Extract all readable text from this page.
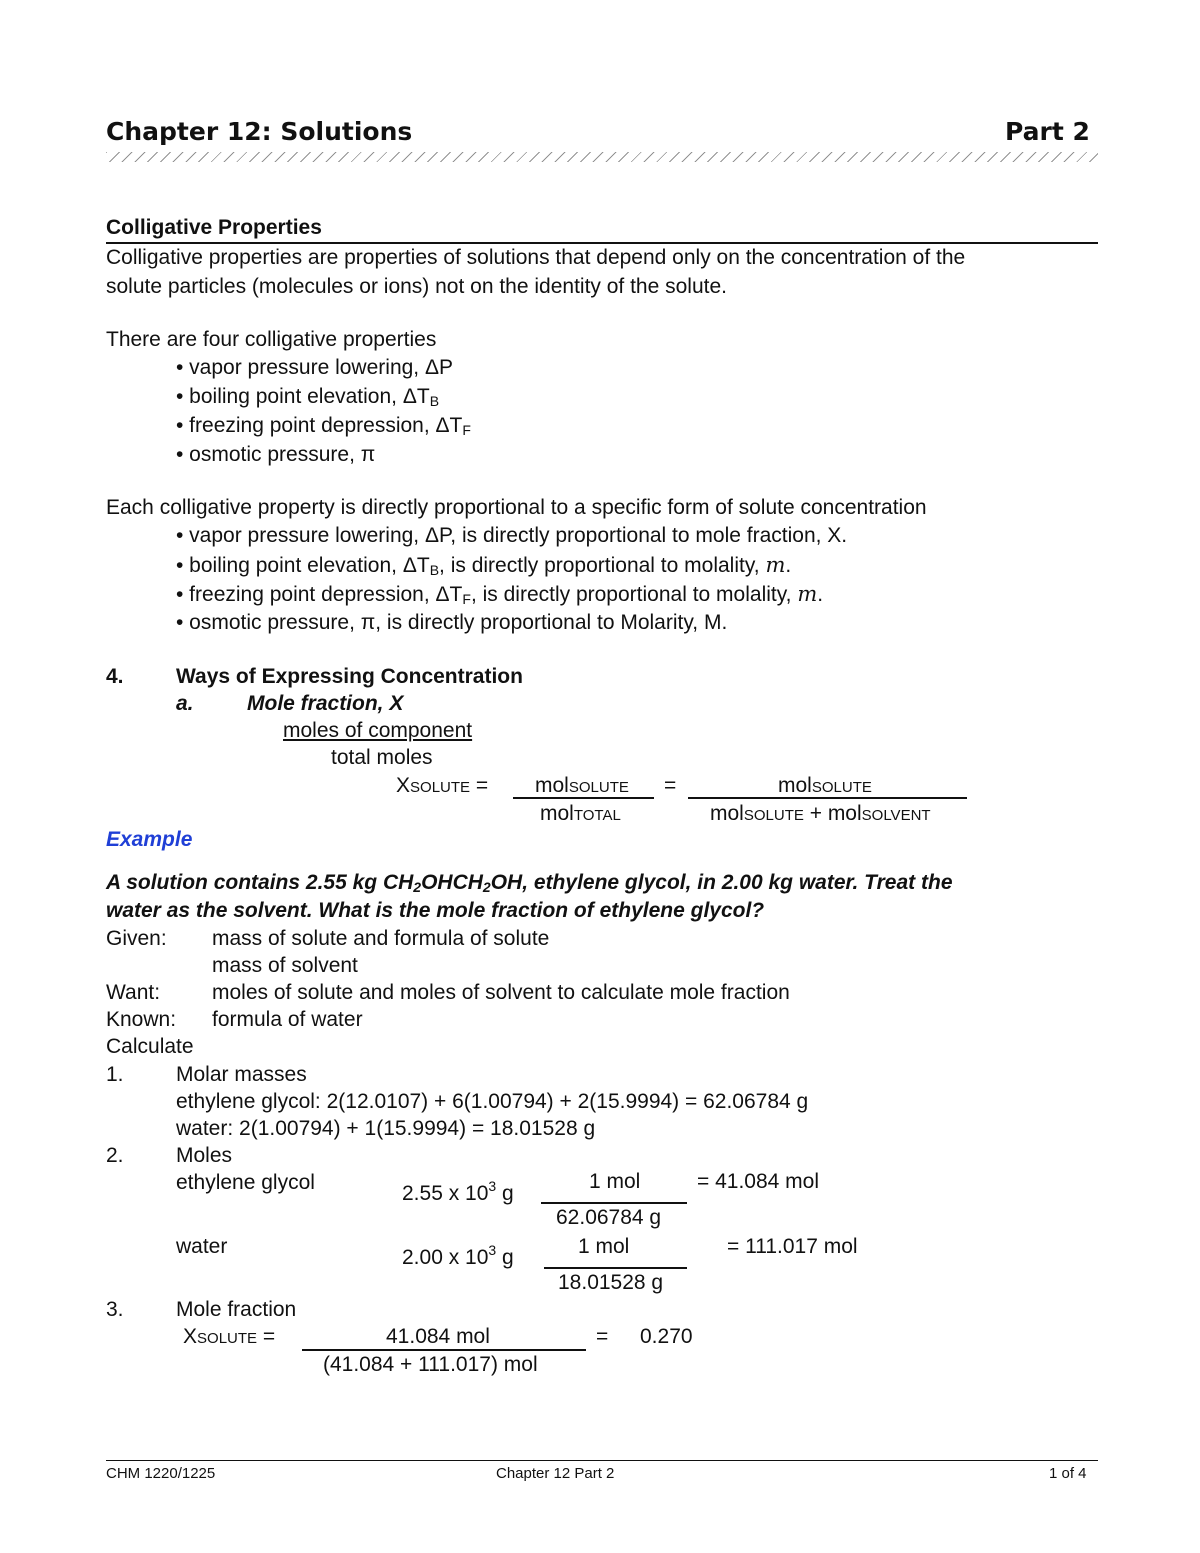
Chapter 12: Solutions	Part 2
Colligative Properties
Colligative properties are properties of solutions that depend only on the concentration of the
solute particles (molecules or ions) not on the identity of the solute.
There are four colligative properties
• vapor pressure lowering, ΔP
• boiling point elevation, $\Delta T_B$
• freezing point depression, $\Delta T_F$
• osmotic pressure, π
Each colligative property is directly proportional to a specific form of solute concentration
• vapor pressure lowering, ΔP, is directly proportional to mole fraction, X.
• boiling point elevation, $\Delta T_B$, is directly proportional to molality, m.
• freezing point depression, $\Delta T_F$, is directly proportional to molality, m.
• osmotic pressure, π, is directly proportional to Molarity, M.
4. Ways of Expressing Concentration
a.	Mole fraction, X
moles of component
total moles
XSOLUTE = molSOLUTE
molTOTAL
=	molSOLUTE
molSOLUTE + molSOLVENT
Example
A solution contains 2.55 kg $CH_2OHCH_2OH$, ethylene glycol, in 2.00 kg water. Treat the
water as the solvent. What is the mole fraction of ethylene glycol?
Given: mass of solute and formula of solute
mass of solvent
Want: moles of solute and moles of solvent to calculate mole fraction
Known: formula of water
Calculate
1. Molar masses
ethylene glycol: 2(12.0107) + 6(1.00794) + 2(15.9994) = 62.06784 g
water: 2(1.00794) + 1(15.9994) = 18.01528 g
2. Moles
ethylene glycol	2.55 x $10^3$ g
1 mol
62.06784 g
= 41.084 mol
water	2.00 x $10^3$ g	1 mol
18.01528 g
= 111.017 mol
3. Mole fraction
XSOLUTE =	41.084 mol
(41.084 + 111.017) mol
= 0.270
CHM 1220/1225	Chapter 12 Part 2	1 of 4
